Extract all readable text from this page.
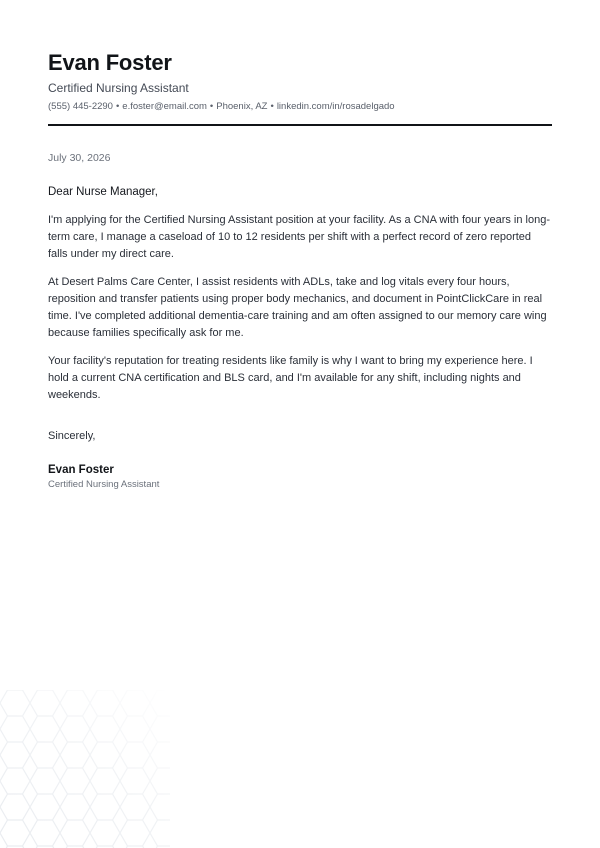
Evan Foster
Certified Nursing Assistant
(555) 445-2290 • e.foster@email.com • Phoenix, AZ • linkedin.com/in/rosadelgado
July 30, 2026
Dear Nurse Manager,

I'm applying for the Certified Nursing Assistant position at your facility. As a CNA with four years in long-term care, I manage a caseload of 10 to 12 residents per shift with a perfect record of zero reported falls under my direct care.

At Desert Palms Care Center, I assist residents with ADLs, take and log vitals every four hours, reposition and transfer patients using proper body mechanics, and document in PointClickCare in real time. I've completed additional dementia-care training and am often assigned to our memory care wing because families specifically ask for me.

Your facility's reputation for treating residents like family is why I want to bring my experience here. I hold a current CNA certification and BLS card, and I'm available for any shift, including nights and weekends.

Sincerely,
Evan Foster
Certified Nursing Assistant
